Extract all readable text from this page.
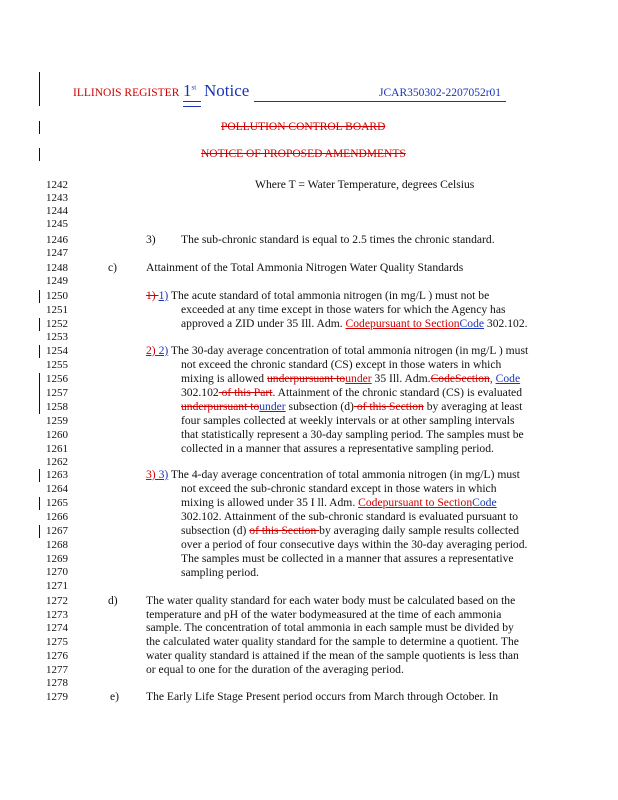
ILLINOIS REGISTER 1st Notice	JCAR350302-2207052r01
POLLUTION CONTROL BOARD
NOTICE OF PROPOSED AMENDMENTS
1242
1243
1244
1245
1246
1247
1248
1249
1250
1251
1252
1253
1254
1255
1256
1257
1258
1259
1260
1261
1262
1263
1264
1265
1266
1267
1268
1269
1270
1271
1272
1273
1274
1275
1276
1277
1278
1279
Where T = Water Temperature, degrees Celsius
3) The sub-chronic standard is equal to 2.5 times the chronic standard.
c) Attainment of the Total Ammonia Nitrogen Water Quality Standards
1) 1) The acute standard of total ammonia nitrogen (in mg/L ) must not be
exceeded at any time except in those waters for which the Agency has
approved a ZID under 35 Ill. Adm. Codepursuant to SectionCode 302.102.
2) 2) The 30-day average concentration of total ammonia nitrogen (in mg/L ) must
not exceed the chronic standard (CS) except in those waters in which
mixing is allowed underpursuant tounder 35 Ill. Adm.CodeSection, Code
302.102 of this Part. Attainment of the chronic standard (CS) is evaluated
underpursuant tounder subsection (d) of this Section by averaging at least
four samples collected at weekly intervals or at other sampling intervals
that statistically represent a 30-day sampling period. The samples must be
collected in a manner that assures a representative sampling period.
3) 3) The 4-day average concentration of total ammonia nitrogen (in mg/L) must
not exceed the sub-chronic standard except in those waters in which
mixing is allowed under 35 I ll. Adm. Codepursuant to SectionCode
302.102. Attainment of the sub-chronic standard is evaluated pursuant to
subsection (d) of this Section by averaging daily sample results collected
over a period of four consecutive days within the 30-day averaging period.
The samples must be collected in a manner that assures a representative
sampling period.
d) The water quality standard for each water body must be calculated based on the
temperature and pH of the water bodymeasured at the time of each ammonia
sample. The concentration of total ammonia in each sample must be divided by
the calculated water quality standard for the sample to determine a quotient. The
water quality standard is attained if the mean of the sample quotients is less than
or equal to one for the duration of the averaging period.
e) The Early Life Stage Present period occurs from March through October. In
